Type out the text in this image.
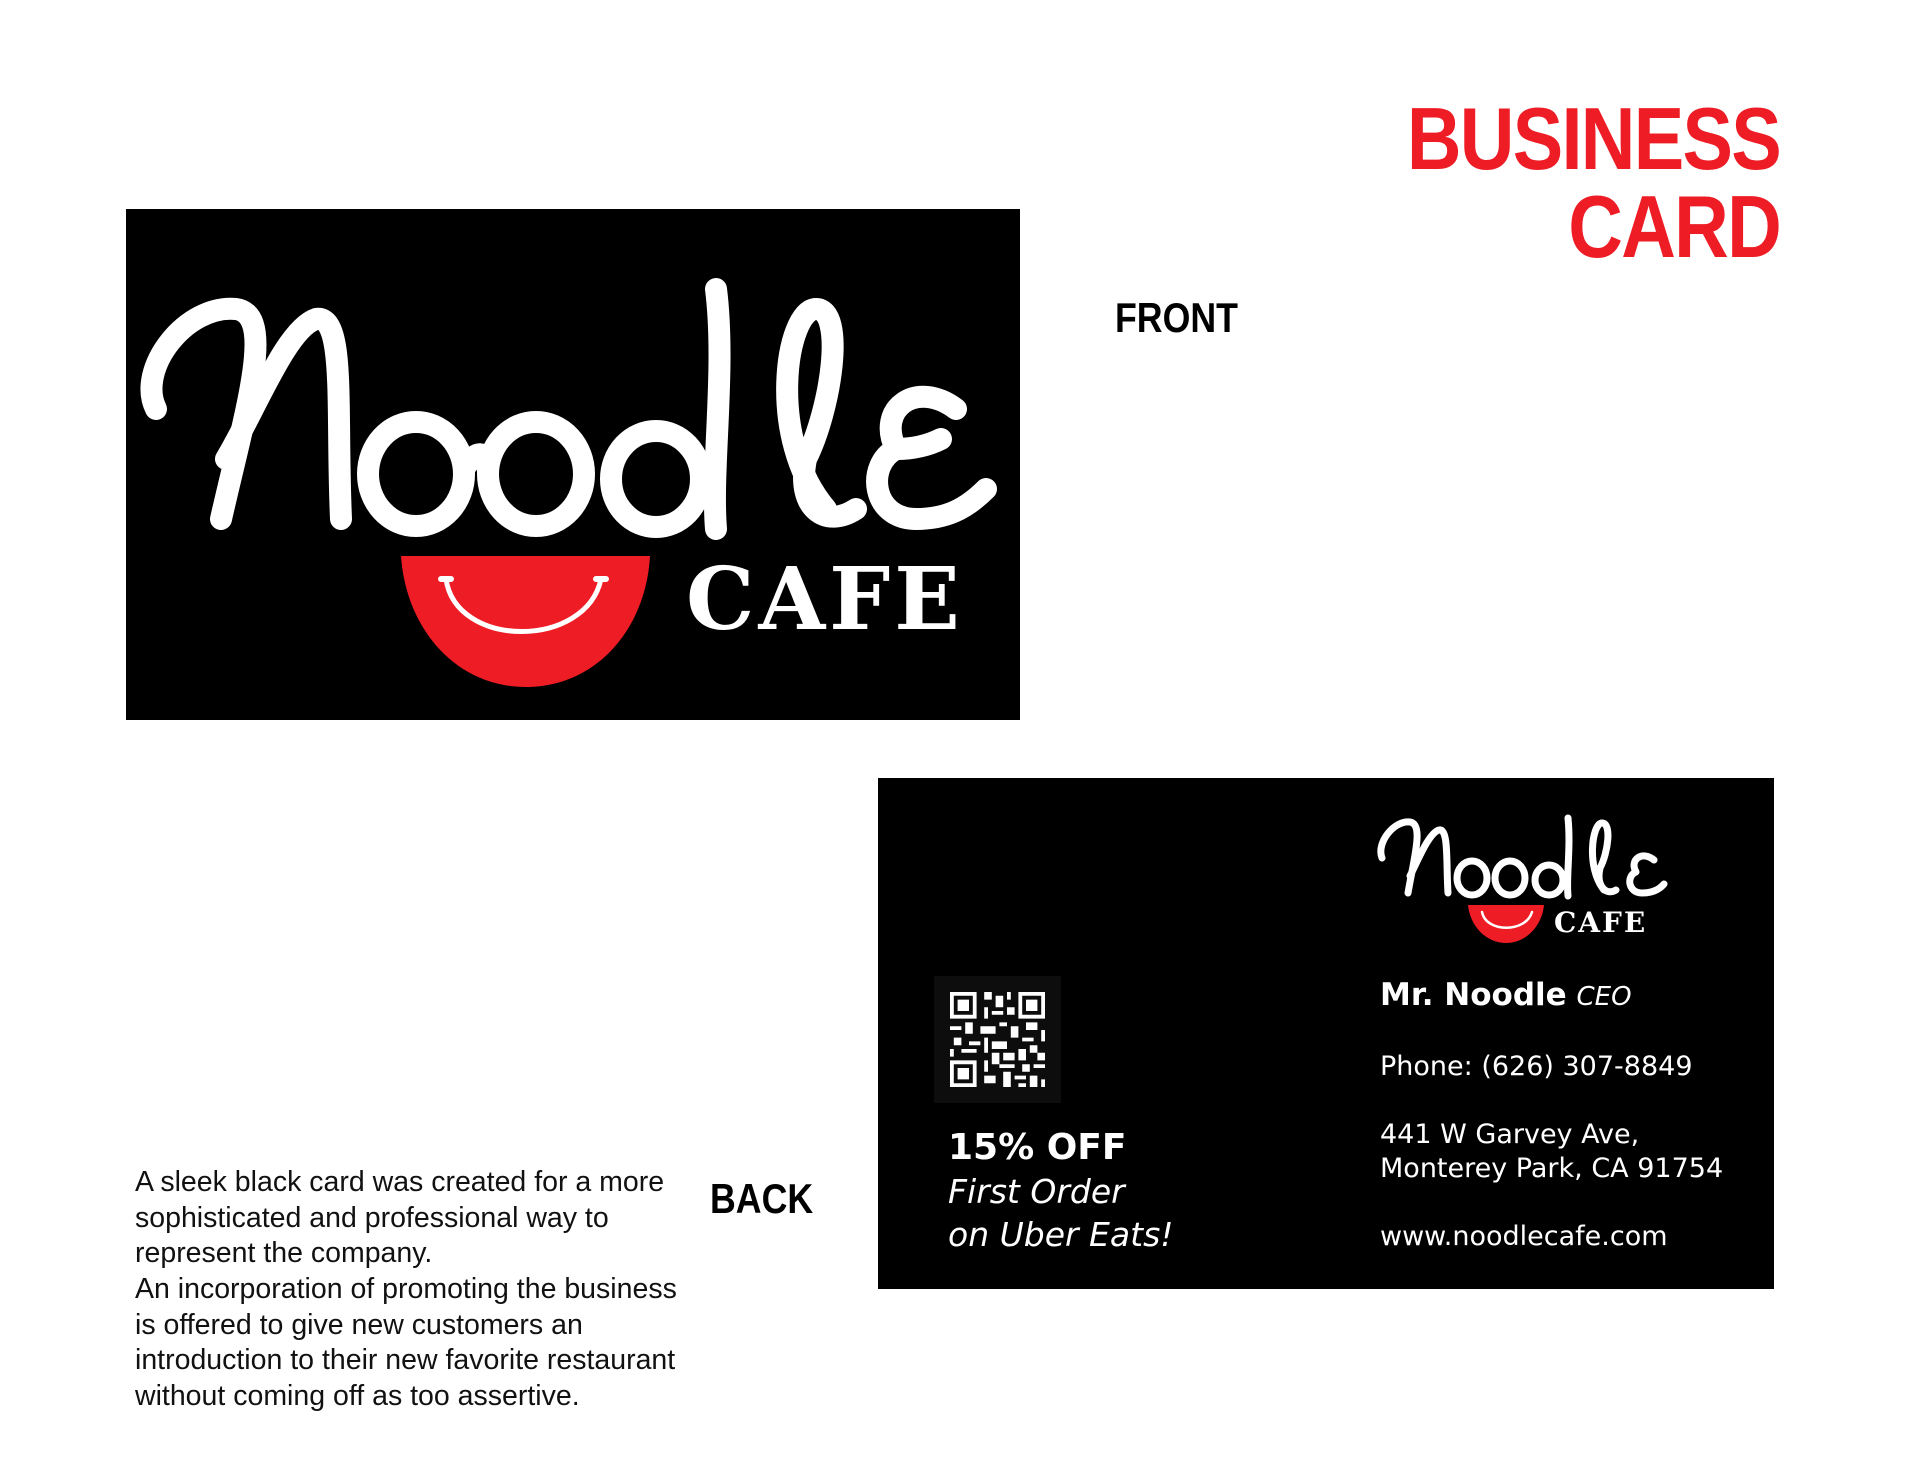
BUSINESS CARD
CAFE
FRONT
CAFE
15% OFF
First Order
on Uber Eats!
Mr. Noodle CEO
Phone: (626) 307-8849
441 W Garvey Ave,
Monterey Park, CA 91754
www.noodlecafe.com
BACK

A sleek black card was created for a more sophisticated and professional way to represent the company.

An incorporation of promoting the business is offered to give new customers an introduction to their new favorite restaurant without coming off as too assertive.
